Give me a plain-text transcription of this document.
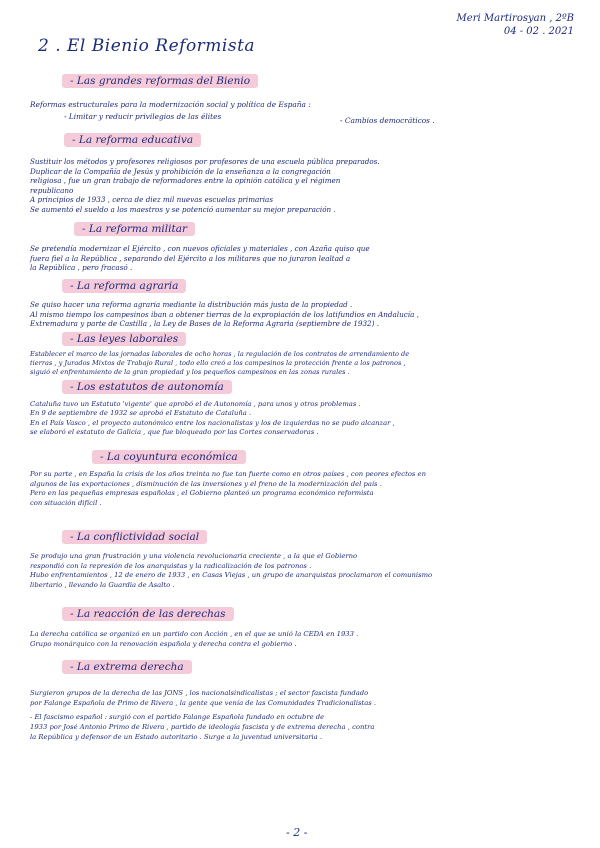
Meri Martirosyan , 2ºB
04 - 02 . 2021
2 . El Bienio Reformista
- Las grandes reformas del Bienio
Reformas estructurales para la modernización social y política de España :
- Limitar y reducir privilegios de las élites	- Cambios democráticos .
- La reforma educativa

Sustituir los métodos y profesores religiosos por profesores de una escuela pública preparados.

Duplicar de la Compañía de Jesús y prohibición de la enseñanza a la congregación

religiosa , fue un gran trabajo de reformadores entre la opinión católica y el régimen

republicano

A principios de 1933 , cerca de diez mil nuevas escuelas primarias

Se aumentó el sueldo a los maestros y se potenció aumentar su mejor preparación .

- La reforma militar

Se pretendía modernizar el Ejército , con nuevos oficiales y materiales , con Azaña quiso que

fuera fiel a la República , separando del Ejército a los militares que no juraron lealtad a

la República , pero fracasó .

- La reforma agraria

Se quiso hacer una reforma agraria mediante la distribución más justa de la propiedad .

Al mismo tiempo los campesinos iban a obtener tierras de la expropiación de los latifundios en Andalucía ,

Extremadura y parte de Castilla , la Ley de Bases de la Reforma Agraria (septiembre de 1932) .

- Las leyes laborales

Establecer el marco de las jornadas laborales de ocho horas , la regulación de los contratos de arrendamiento de

tierras , y Jurados Mixtos de Trabajo Rural , todo ello creó a los campesinos la protección frente a los patronos ,

siguió el enfrentamiento de la gran propiedad y los pequeños campesinos en las zonas rurales .

- Los estatutos de autonomía

Cataluña tuvo un Estatuto 'vigente' que aprobó el de Autonomía , para unos y otros problemas .

En 9 de septiembre de 1932 se aprobó el Estatuto de Cataluña .

En el País Vasco , el proyecto autonómico entre los nacionalistas y los de izquierdas no se pudo alcanzar ,

se elaboró el estatuto de Galicia , que fue bloqueado por las Cortes conservadoras .

- La coyuntura económica

Por su parte , en España la crisis de los años treinta no fue tan fuerte como en otros países , con peores efectos en

algunos de las exportaciones , disminución de las inversiones y el freno de la modernización del país .

Pero en las pequeñas empresas españolas , el Gobierno planteó un programa económico reformista

con situación difícil .

- La conflictividad social

Se produjo una gran frustración y una violencia revolucionaria creciente , a la que el Gobierno

respondió con la represión de los anarquistas y la radicalización de los patronos .

Hubo enfrentamientos , 12 de enero de 1933 , en Casas Viejas , un grupo de anarquistas proclamaron el comunismo

libertario , llevando la Guardia de Asalto .

- La reacción de las derechas

La derecha católica se organizó en un partido con Acción , en el que se unió la CEDA en 1933 .

Grupo monárquico con la renovación española y derecha contra el gobierno .

- La extrema derecha

Surgieron grupos de la derecha de las JONS , los nacionalsindicalistas ; el sector fascista fundado

por Falange Española de Primo de Rivera , la gente que venía de las Comunidades Tradicionalistas .

- El fascismo español : surgió con el partido Falange Española fundado en octubre de

1933 por José Antonio Primo de Rivera , partido de ideología fascista y de extrema derecha , contra

la República y defensor de un Estado autoritario . Surge a la juventud universitaria .

- 2 -
